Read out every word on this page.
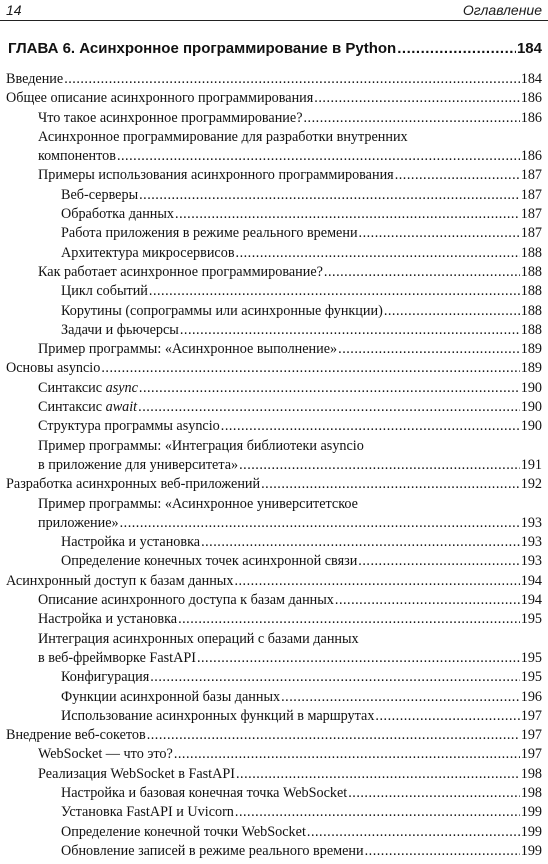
14	Оглавление
ГЛАВА 6. Асинхронное программирование в Python .....	184
Введение .....	184
Общее описание асинхронного программирования .....	186
Что такое асинхронное программирование? .....	186
Асинхронное программирование для разработки внутренних
компонентов .....	186
Примеры использования асинхронного программирования .....	187
Веб-серверы .....	187
Обработка данных .....	187
Работа приложения в режиме реального времени .....	187
Архитектура микросервисов .....	188
Как работает асинхронное программирование? .....	188
Цикл событий .....	188
Корутины (сопрограммы или асинхронные функции) .....	188
Задачи и фьючерсы .....	188
Пример программы: «Асинхронное выполнение» .....	189
Основы asyncio .....	189
Синтаксис async .....	190
Синтаксис await .....	190
Структура программы asyncio .....	190
Пример программы: «Интеграция библиотеки asyncio
в приложение для университета» .....	191
Разработка асинхронных веб-приложений .....	192
Пример программы: «Асинхронное университетское
приложение» .....	193
Настройка и установка .....	193
Определение конечных точек асинхронной связи .....	193
Асинхронный доступ к базам данных .....	194
Описание асинхронного доступа к базам данных .....	194
Настройка и установка .....	195
Интеграция асинхронных операций с базами данных
в веб-фреймворке FastAPI .....	195
Конфигурация .....	195
Функции асинхронной базы данных .....	196
Использование асинхронных функций в маршрутах .....	197
Внедрение веб-сокетов .....	197
WebSocket — что это? .....	197
Реализация WebSocket в FastAPI .....	198
Настройка и базовая конечная точка WebSocket .....	198
Установка FastAPI и Uvicorn .....	199
Определение конечной точки WebSocket .....	199
Обновление записей в режиме реального времени .....	199
